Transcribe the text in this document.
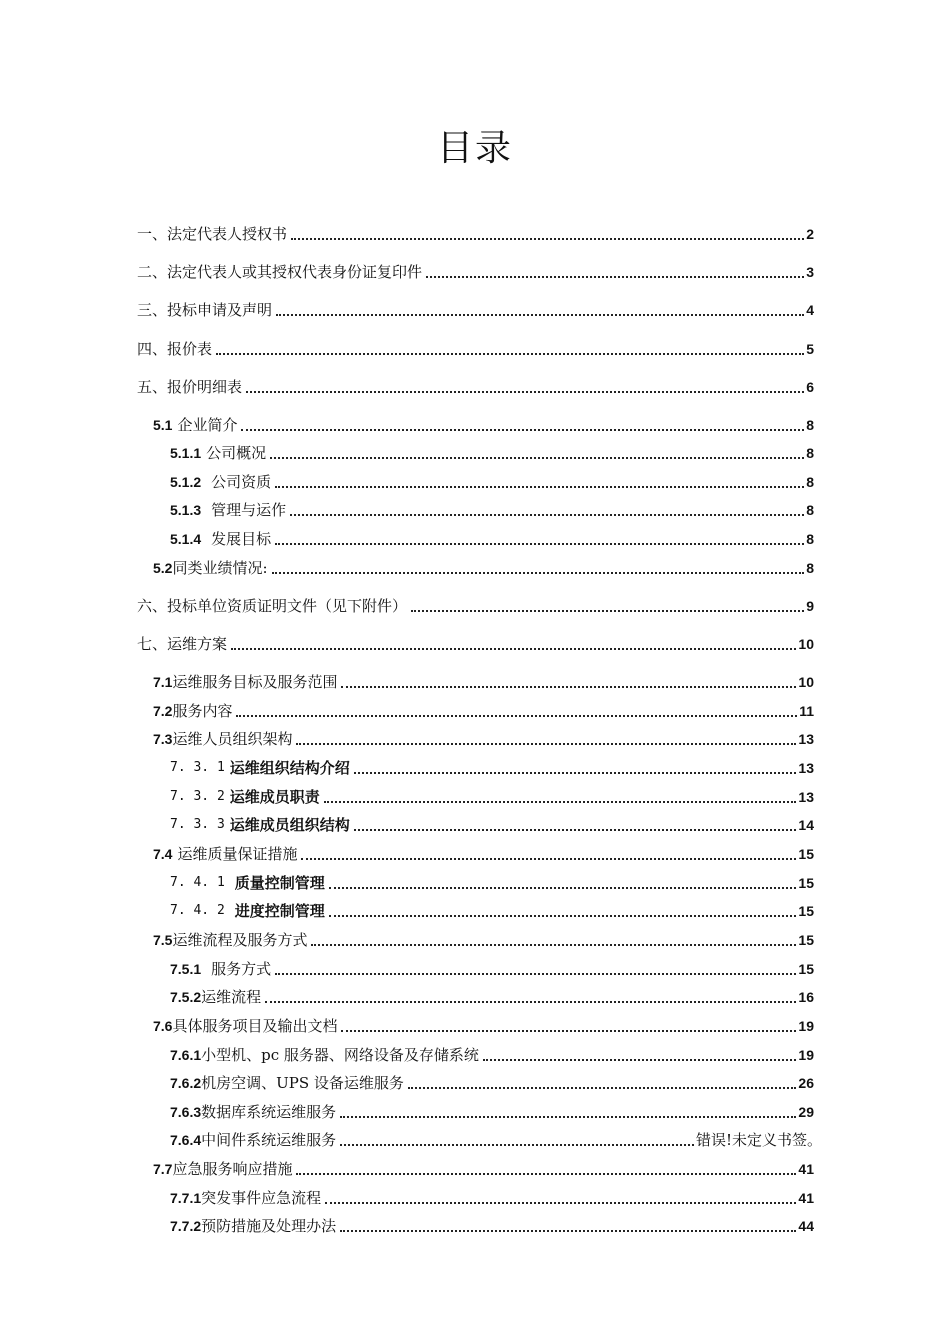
目录
一、法定代表人授权书	2
二、法定代表人或其授权代表身份证复印件	3
三、投标申请及声明	4
四、报价表	5
五、报价明细表	6
5.1 企业简介	8
5.1.1 公司概况	8
5.1.2 公司资质	8
5.1.3 管理与运作	8
5.1.4 发展目标	8
5.2 同类业绩情况:	8
六、投标单位资质证明文件（见下附件）	9
七、运维方案	10
7.1 运维服务目标及服务范围	10
7.2 服务内容	11
7.3 运维人员组织架构	13
7. 3. 1 运维组织结构介绍	13
7. 3. 2 运维成员职责	13
7. 3. 3 运维成员组织结构	14
7.4 运维质量保证措施	15
7. 4. 1 质量控制管理	15
7. 4. 2 进度控制管理	15
7.5 运维流程及服务方式	15
7.5.1 服务方式	15
7.5.2 运维流程	16
7.6 具体服务项目及输出文档	19
7.6.1 小型机、pc 服务器、网络设备及存储系统	19
7.6.2 机房空调、UPS 设备运维服务	26
7.6.3 数据库系统运维服务	29
7.6.4 中间件系统运维服务	错误!未定义书签。
7.7 应急服务响应措施	41
7.7.1 突发事件应急流程	41
7.7.2 预防措施及处理办法	44
